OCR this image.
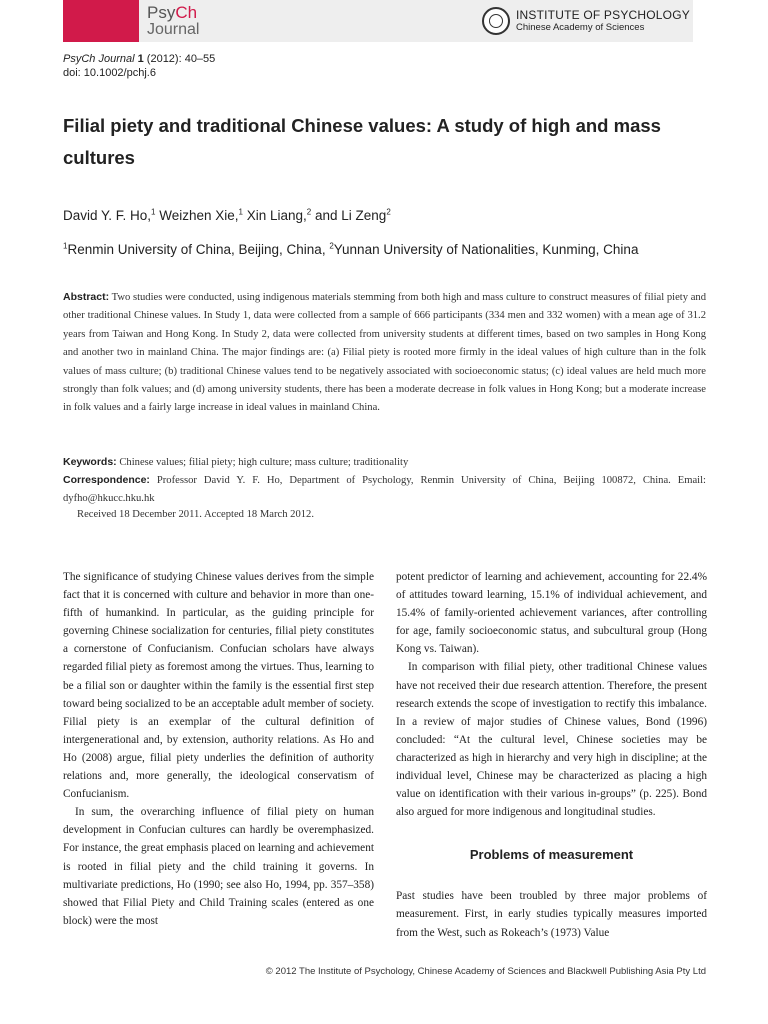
PsyCh
Journal
INSTITUTE OF PSYCHOLOGY
Chinese Academy of Sciences
PsyCh Journal 1 (2012): 40–55
doi: 10.1002/pchj.6
Filial piety and traditional Chinese values: A study of high and mass cultures
David Y. F. Ho,$^1$ Weizhen Xie,$^1$ Xin Liang,$^2$ and Li Zeng$^2$
$^1$Renmin University of China, Beijing, China, $^2$Yunnan University of Nationalities, Kunming, China

Abstract: Two studies were conducted, using indigenous materials stemming from both high and mass culture to construct measures of filial piety and other traditional Chinese values. In Study 1, data were collected from a sample of 666 participants (334 men and 332 women) with a mean age of 31.2 years from Taiwan and Hong Kong. In Study 2, data were collected from university students at different times, based on two samples in Hong Kong and another two in mainland China. The major findings are: (a) Filial piety is rooted more firmly in the ideal values of high culture than in the folk values of mass culture; (b) traditional Chinese values tend to be negatively associated with socioeconomic status; (c) ideal values are held much more strongly than folk values; and (d) among university students, there has been a moderate decrease in folk values in Hong Kong; but a moderate increase in folk values and a fairly large increase in ideal values in mainland China.

Keywords: Chinese values; filial piety; high culture; mass culture; traditionality

Correspondence: Professor David Y. F. Ho, Department of Psychology, Renmin University of China, Beijing 100872, China. Email: dyfho@hkucc.hku.hk

Received 18 December 2011. Accepted 18 March 2012.

The significance of studying Chinese values derives from the simple fact that it is concerned with culture and behavior in more than one-fifth of humankind. In particular, as the guiding principle for governing Chinese socialization for centuries, filial piety constitutes a cornerstone of Confucianism. Confucian scholars have always regarded filial piety as foremost among the virtues. Thus, learning to be a filial son or daughter within the family is the essential first step toward being socialized to be an acceptable adult member of society. Filial piety is an exemplar of the cultural definition of intergenerational and, by extension, authority relations. As Ho and Ho (2008) argue, filial piety underlies the definition of authority relations and, more generally, the ideological conservatism of Confucianism.

In sum, the overarching influence of filial piety on human development in Confucian cultures can hardly be overemphasized. For instance, the great emphasis placed on learning and achievement is rooted in filial piety and the child training it governs. In multivariate predictions, Ho (1990; see also Ho, 1994, pp. 357–358) showed that Filial Piety and Child Training scales (entered as one block) were the most

potent predictor of learning and achievement, accounting for 22.4% of attitudes toward learning, 15.1% of individual achievement, and 15.4% of family-oriented achievement variances, after controlling for age, family socioeconomic status, and subcultural group (Hong Kong vs. Taiwan).

In comparison with filial piety, other traditional Chinese values have not received their due research attention. Therefore, the present research extends the scope of investigation to rectify this imbalance. In a review of major studies of Chinese values, Bond (1996) concluded: “At the cultural level, Chinese societies may be characterized as high in hierarchy and very high in discipline; at the individual level, Chinese may be characterized as placing a high value on identification with their various in-groups” (p. 225). Bond also argued for more indigenous and longitudinal studies.

Problems of measurement

Past studies have been troubled by three major problems of measurement. First, in early studies typically measures imported from the West, such as Rokeach’s (1973) Value

© 2012 The Institute of Psychology, Chinese Academy of Sciences and Blackwell Publishing Asia Pty Ltd
